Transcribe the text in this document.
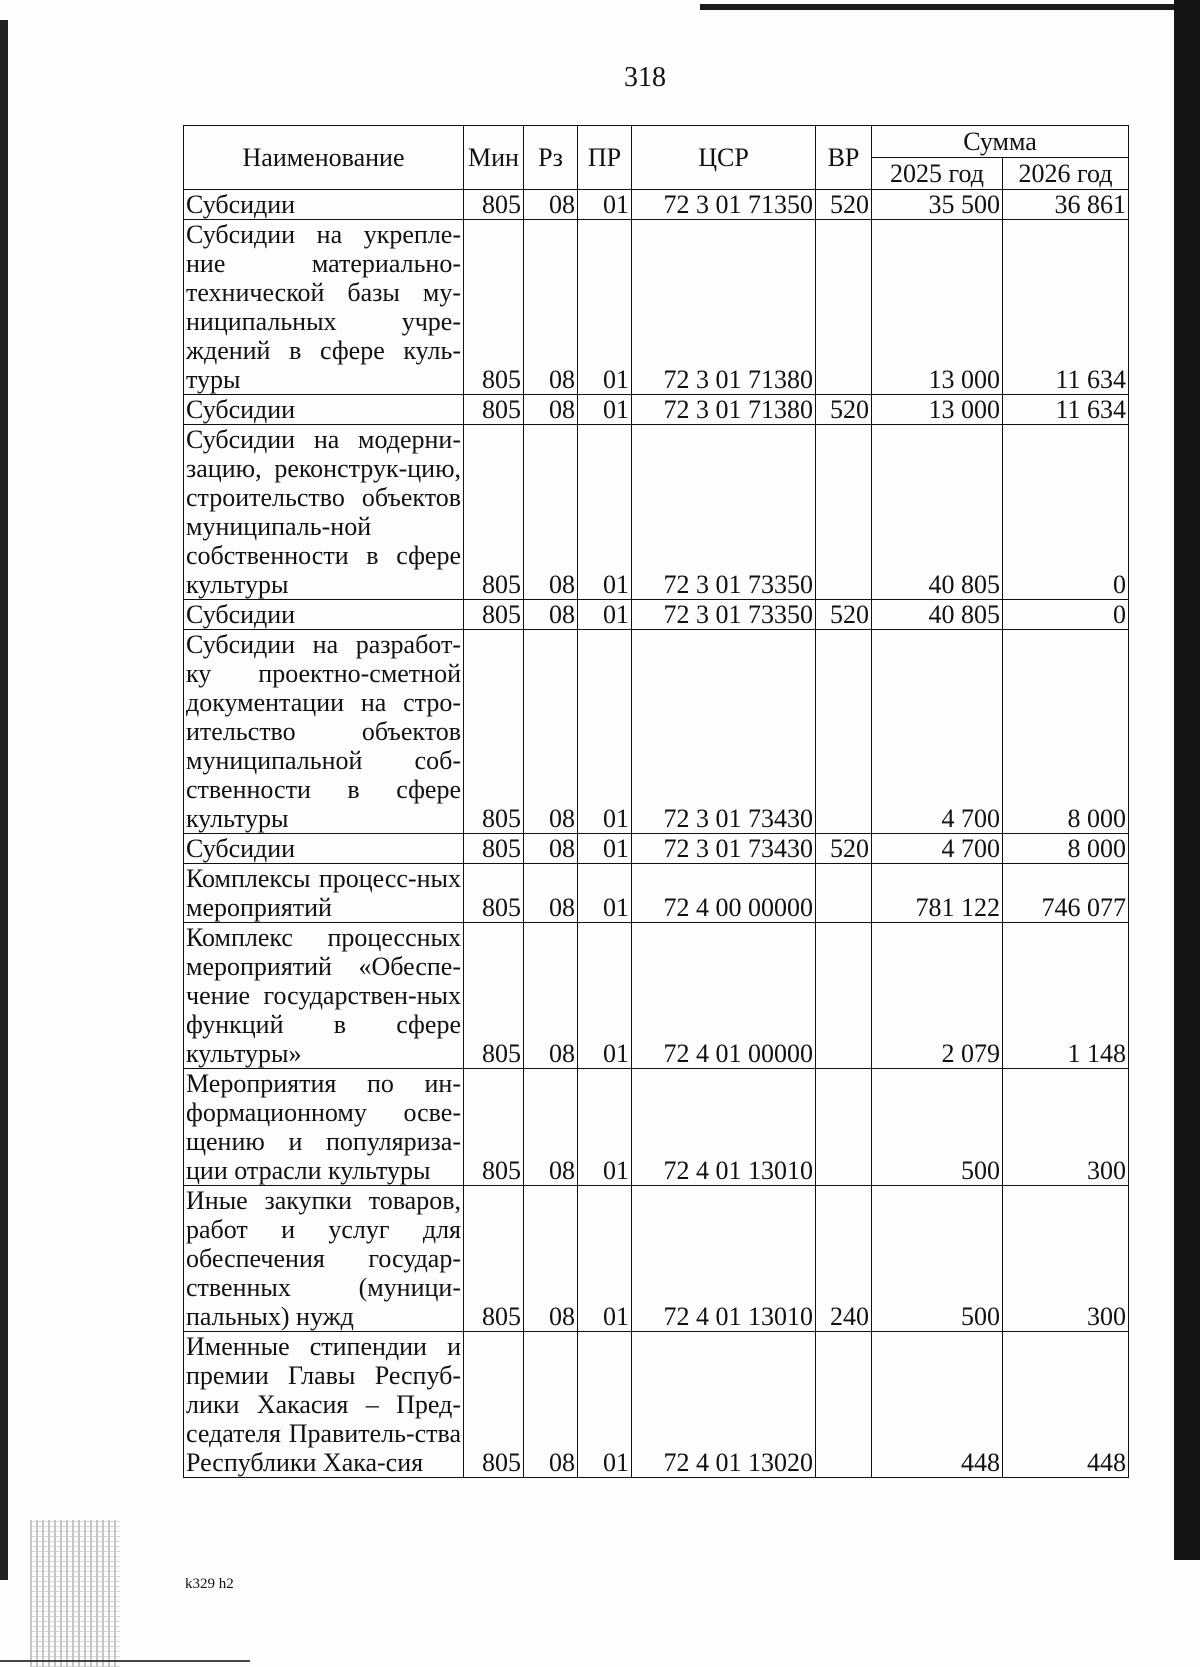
318
Наименование	Мин	Рз	ПР	ЦСР	ВР	Сумма	
						2025 год	2026 год
Субсидии	805	08	01	72 3 01 71350	520	35 500	36 861
Субсидии на укрепле-ние материально-технической базы му-ниципальных учре-ждений в сфере куль-туры	805	08	01	72 3 01 71380		13 000	11 634
Субсидии	805	08	01	72 3 01 71380	520	13 000	11 634
Субсидии на модерни-зацию, реконструк-цию, строительство объектов муниципаль-ной собственности в сфере культуры	805	08	01	72 3 01 73350		40 805	0
Субсидии	805	08	01	72 3 01 73350	520	40 805	0
Субсидии на разработ-ку проектно-сметной документации на стро-ительство объектов муниципальной соб-ственности в сфере культуры	805	08	01	72 3 01 73430		4 700	8 000
Субсидии	805	08	01	72 3 01 73430	520	4 700	8 000
Комплексы процесс-ных мероприятий	805	08	01	72 4 00 00000		781 122	746 077
Комплекс процессных мероприятий «Обеспе-чение государствен-ных функций в сфере культуры»	805	08	01	72 4 01 00000		2 079	1 148
Мероприятия по ин-формационному осве-щению и популяриза-ции отрасли культуры	805	08	01	72 4 01 13010		500	300
Иные закупки товаров, работ и услуг для обеспечения государ-ственных (муници-пальных) нужд	805	08	01	72 4 01 13010	240	500	300
Именные стипендии и премии Главы Респуб-лики Хакасия – Пред-седателя Правитель-ства Республики Хака-сия	805	08	01	72 4 01 13020		448	448
k329 h2
